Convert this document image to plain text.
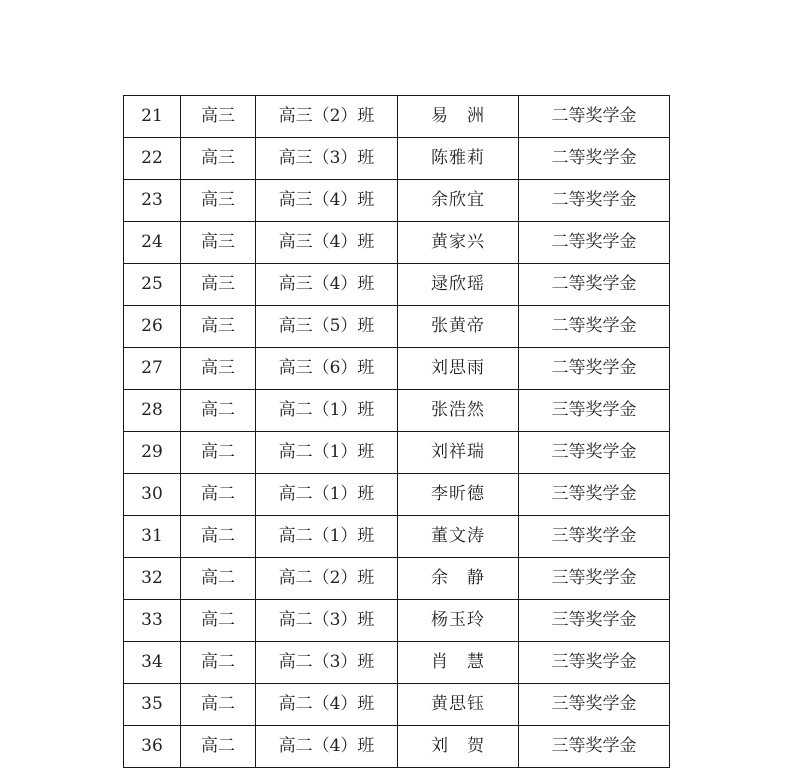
21	高三	高三（2）班	易　洲	二等奖学金
22	高三	高三（3）班	陈雅莉	二等奖学金
23	高三	高三（4）班	余欣宜	二等奖学金
24	高三	高三（4）班	黄家兴	二等奖学金
25	高三	高三（4）班	逯欣瑶	二等奖学金
26	高三	高三（5）班	张黄帝	二等奖学金
27	高三	高三（6）班	刘思雨	二等奖学金
28	高二	高二（1）班	张浩然	三等奖学金
29	高二	高二（1）班	刘祥瑞	三等奖学金
30	高二	高二（1）班	李昕德	三等奖学金
31	高二	高二（1）班	董文涛	三等奖学金
32	高二	高二（2）班	余　静	三等奖学金
33	高二	高二（3）班	杨玉玲	三等奖学金
34	高二	高二（3）班	肖　慧	三等奖学金
35	高二	高二（4）班	黄思钰	三等奖学金
36	高二	高二（4）班	刘　贺	三等奖学金
